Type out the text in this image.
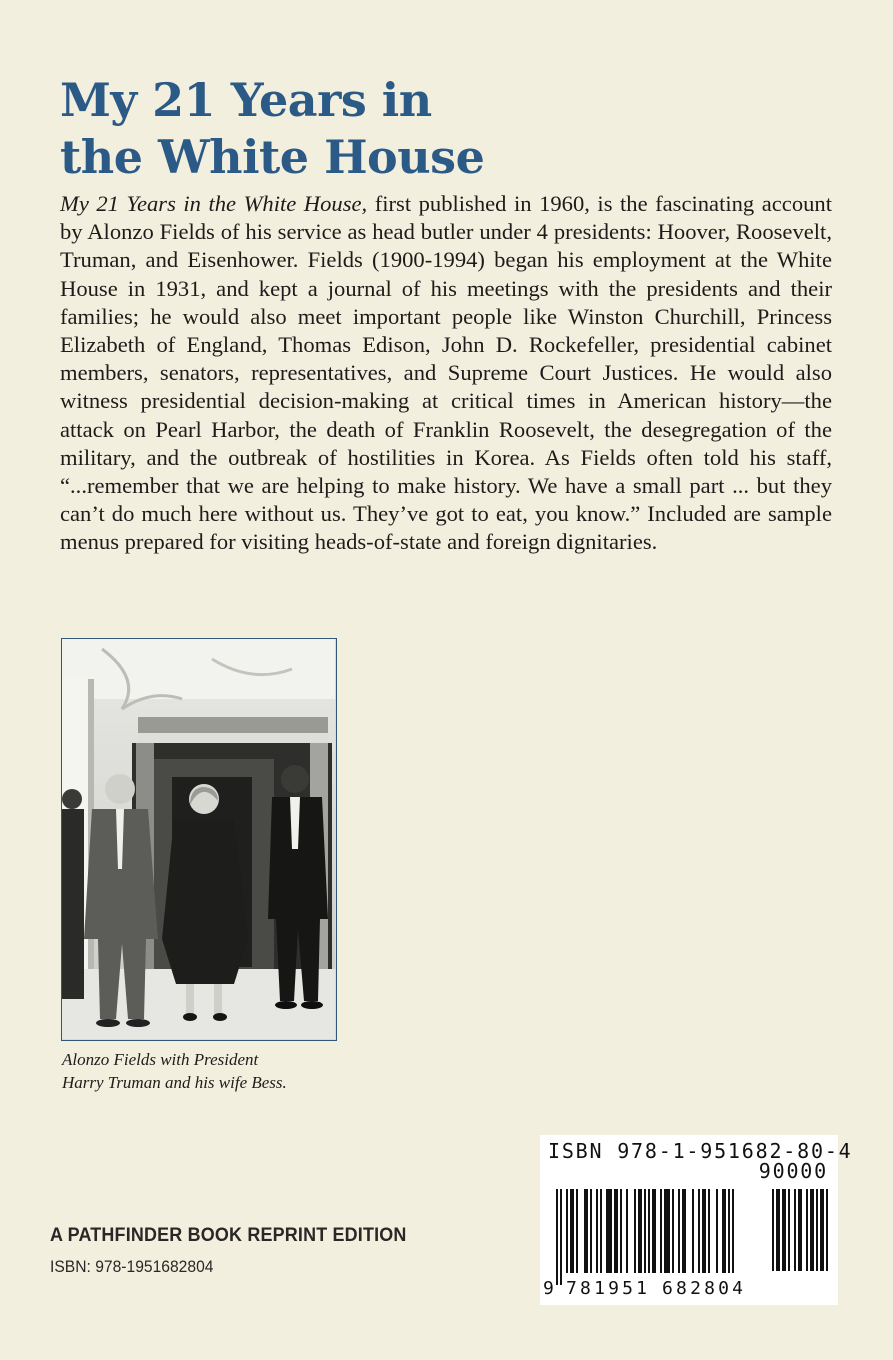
My 21 Years in
the White House

My 21 Years in the White House, first published in 1960, is the fascinating account by Alonzo Fields of his service as head butler under 4 presidents: Hoover, Roosevelt, Truman, and Eisenhower. Fields (1900-1994) began his employment at the White House in 1931, and kept a journal of his meetings with the presidents and their families; he would also meet important people like Winston Churchill, Princess Elizabeth of England, Thomas Edison, John D. Rockefeller, presidential cabinet members, senators, representatives, and Supreme Court Justices. He would also witness presidential decision-making at critical times in American history—the attack on Pearl Harbor, the death of Franklin Roosevelt, the desegregation of the military, and the outbreak of hostilities in Korea. As Fields often told his staff, “...remember that we are helping to make history. We have a small part ... but they can’t do much here without us. They’ve got to eat, you know.” Included are sample menus prepared for visiting heads-of-state and foreign dignitaries.

Alonzo Fields with President
Harry Truman and his wife Bess.

A PATHFINDER BOOK REPRINT EDITION
ISBN: 978-1951682804
ISBN 978-1-951682-80-4
90000
9 781951 682804
